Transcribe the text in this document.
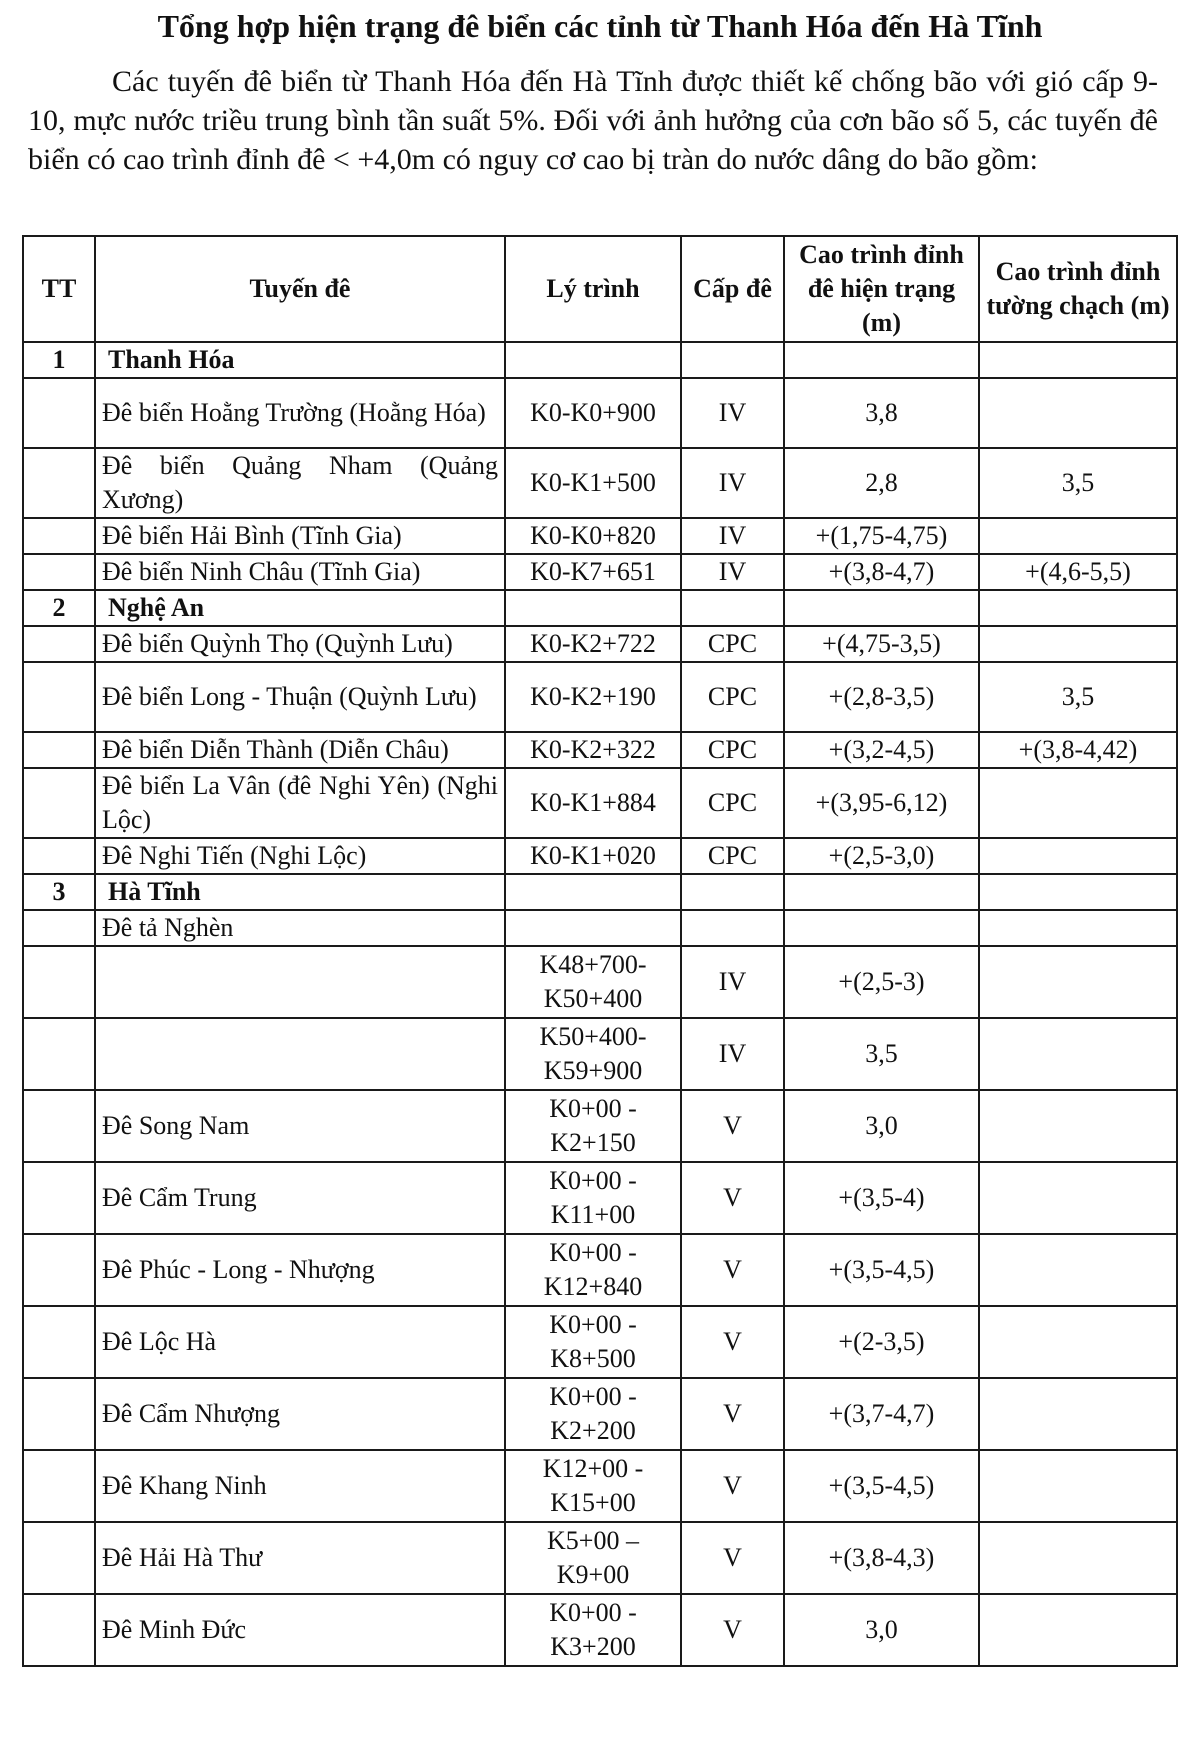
Tổng hợp hiện trạng đê biển các tỉnh từ Thanh Hóa đến Hà Tĩnh
Các tuyến đê biển từ Thanh Hóa đến Hà Tĩnh được thiết kế chống bão với gió cấp 9-10, mực nước triều trung bình tần suất 5%. Đối với ảnh hưởng của cơn bão số 5, các tuyến đê biển có cao trình đỉnh đê < +4,0m có nguy cơ cao bị tràn do nước dâng do bão gồm:
TT	Tuyến đê	Lý trình	Cấp đê	Cao trình đỉnh đê hiện trạng (m)	Cao trình đỉnh tường chạch (m)
1	Thanh Hóa				
	Đê biển Hoằng Trường (Hoằng Hóa)	K0-K0+900	IV	3,8	
	Đê biển Quảng Nham (Quảng Xương)	K0-K1+500	IV	2,8	3,5
	Đê biển Hải Bình (Tĩnh Gia)	K0-K0+820	IV	+(1,75-4,75)	
	Đê biển Ninh Châu (Tĩnh Gia)	K0-K7+651	IV	+(3,8-4,7)	+(4,6-5,5)
2	Nghệ An				
	Đê biển Quỳnh Thọ (Quỳnh Lưu)	K0-K2+722	CPC	+(4,75-3,5)	
	Đê biển Long - Thuận (Quỳnh Lưu)	K0-K2+190	CPC	+(2,8-3,5)	3,5
	Đê biển Diễn Thành (Diễn Châu)	K0-K2+322	CPC	+(3,2-4,5)	+(3,8-4,42)
	Đê biển La Vân (đê Nghi Yên) (Nghi Lộc)	K0-K1+884	CPC	+(3,95-6,12)	
	Đê Nghi Tiến (Nghi Lộc)	K0-K1+020	CPC	+(2,5-3,0)	
3	Hà Tĩnh				
	Đê tả Nghèn				
		K48+700-K50+400	IV	+(2,5-3)	
		K50+400-K59+900	IV	3,5	
	Đê Song Nam	K0+00 - K2+150	V	3,0	
	Đê Cẩm Trung	K0+00 - K11+00	V	+(3,5-4)	
	Đê Phúc - Long - Nhượng	K0+00 - K12+840	V	+(3,5-4,5)	
	Đê Lộc Hà	K0+00 - K8+500	V	+(2-3,5)	
	Đê Cẩm Nhượng	K0+00 - K2+200	V	+(3,7-4,7)	
	Đê Khang Ninh	K12+00 - K15+00	V	+(3,5-4,5)	
	Đê Hải Hà Thư	K5+00 – K9+00	V	+(3,8-4,3)	
	Đê Minh Đức	K0+00 - K3+200	V	3,0	
